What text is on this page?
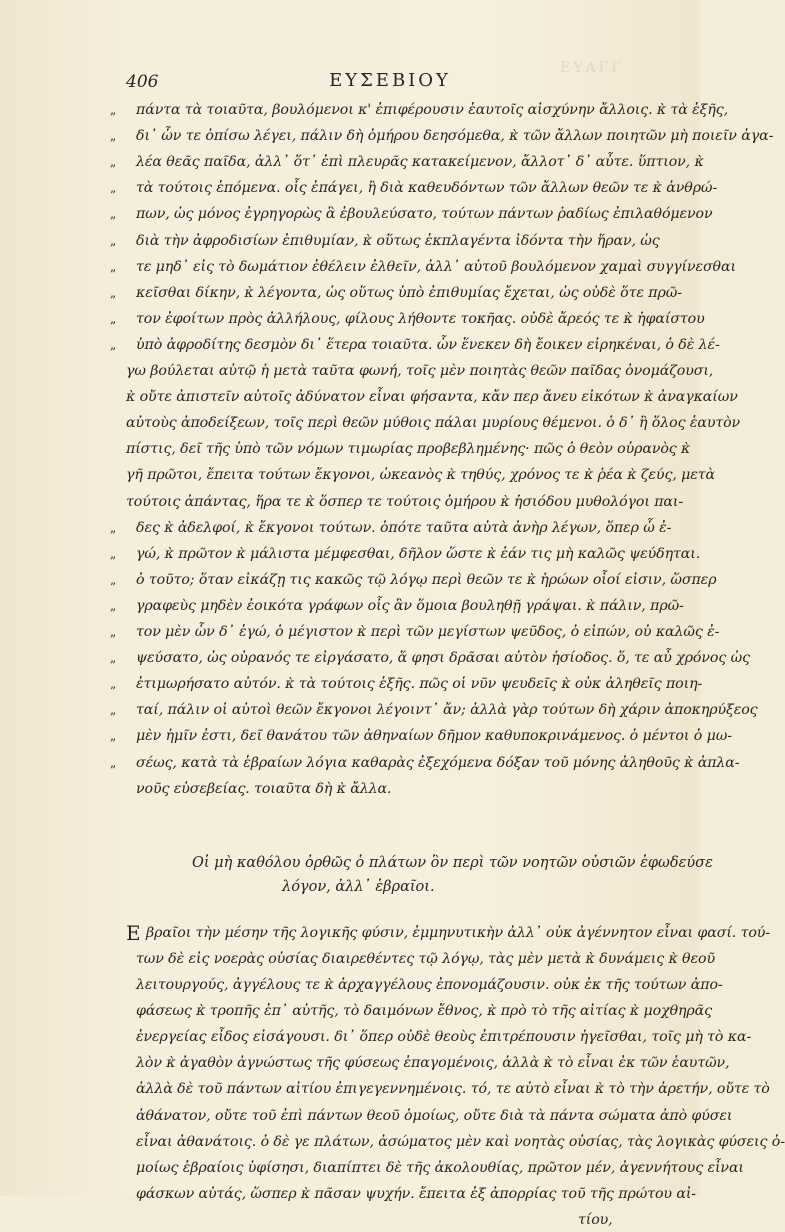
ΕΥΑΓΓ
406	ΕΥΣΕΒΙΟΥ
„ πάντα τὰ τοιαῦτα, βουλόμενοι κ' ἐπιφέρουσιν ἑαυτοῖς αἰσχύνην ἄλλοις. κ̀ τὰ ἑξῆς,
„ δι᾽ ὧν τε ὀπίσω λέγει, πάλιν δὴ ὁμήρου δεησόμεθα, κ̀ τῶν ἄλλων ποιητῶν μὴ ποιεῖν ἀγα-
„ λέα θεᾶς παῖδα, ἀλλ᾽ ὅτ᾽ ἐπὶ πλευρᾶς κατακείμενον, ἄλλοτ᾽ δ᾽ αὖτε. ὕπτιον, κ̀
„ τὰ τούτοις ἑπόμενα. οἷς ἐπάγει, ἢ διὰ καθευδόντων τῶν ἄλλων θεῶν τε κ̀ ἀνθρώ-
„ πων, ὡς μόνος ἐγρηγορὼς ἃ ἐβουλεύσατο, τούτων πάντων ῥαδίως ἐπιλαθόμενον
„ διὰ τὴν ἀφροδισίων ἐπιθυμίαν, κ̀ οὕτως ἐκπλαγέντα ἰδόντα τὴν ἥραν, ὡς
„ τε μηδ᾽ εἰς τὸ δωμάτιον ἐθέλειν ἐλθεῖν, ἀλλ᾽ αὐτοῦ βουλόμενον χαμαὶ συγγίνεσθαι
„ κεῖσθαι δίκην, κ̀ λέγοντα, ὡς οὕτως ὑπὸ ἐπιθυμίας ἔχεται, ὡς οὐδὲ ὅτε πρῶ-
„ τον ἐφοίτων πρὸς ἀλλήλους, φίλους λήθοντε τοκῆας. οὐδὲ ἄρεός τε κ̀ ἡφαίστου
„ ὑπὸ ἀφροδίτης δεσμὸν δι᾽ ἕτερα τοιαῦτα. ὧν ἕνεκεν δὴ ἔοικεν εἰρηκέναι, ὁ δὲ λέ-
γω βούλεται αὐτῷ ἡ μετὰ ταῦτα φωνή, τοῖς μὲν ποιητὰς θεῶν παῖδας ὀνομάζουσι,
κ̀ οὔτε ἀπιστεῖν αὐτοῖς ἀδύνατον εἶναι φήσαντα, κἄν περ ἄνευ εἰκότων κ̀ ἀναγκαίων
αὐτοὺς ἀποδείξεων, τοῖς περὶ θεῶν μύθοις πάλαι μυρίους θέμενοι. ὁ δ᾽ ἢ ὅλος ἑαυτὸν
πίστις, δεῖ τῆς ὑπὸ τῶν νόμων τιμωρίας προβεβλημένης· πῶς ὁ θεὸν οὐρανὸς κ̀
γῆ πρῶτοι, ἔπειτα τούτων ἔκγονοι, ὠκεανὸς κ̀ τηθύς, χρόνος τε κ̀ ῥέα κ̀ ζεύς, μετὰ
τούτοις ἀπάντας, ἥρα τε κ̀ ὅσπερ τε τούτοις ὁμήρου κ̀ ἡσιόδου μυθολόγοι παι-
„ δες κ̀ ἀδελφοί, κ̀ ἔκγονοι τούτων. ὁπότε ταῦτα αὐτὰ ἀνὴρ λέγων, ὅπερ ὧ ἐ-
„ γώ, κ̀ πρῶτον κ̀ μάλιστα μέμφεσθαι, δῆλον ὥστε κ̀ ἐάν τις μὴ καλῶς ψεύδηται.
„ ὁ τοῦτο; ὅταν εἰκάζῃ τις κακῶς τῷ λόγῳ περὶ θεῶν τε κ̀ ἡρώων οἷοί εἰσιν, ὥσπερ
„ γραφεὺς μηδὲν ἐοικότα γράφων οἷς ἂν ὅμοια βουληθῇ γράψαι. κ̀ πάλιν, πρῶ-
„ τον μὲν ὧν δ᾽ ἐγώ, ὁ μέγιστον κ̀ περὶ τῶν μεγίστων ψεῦδος, ὁ εἰπών, οὐ καλῶς ἐ-
„ ψεύσατο, ὡς οὐρανός τε εἰργάσατο, ἅ φησι δρᾶσαι αὐτὸν ἡσίοδος. ὅ, τε αὖ χρόνος ὡς
„ ἐτιμωρήσατο αὐτόν. κ̀ τὰ τούτοις ἑξῆς. πῶς οἱ νῦν ψευδεῖς κ̀ οὐκ ἀληθεῖς ποιη-
„ ταί, πάλιν οἱ αὐτοὶ θεῶν ἔκγονοι λέγοιντ᾽ ἄν; ἀλλὰ γὰρ τούτων δὴ χάριν ἀποκηρύξεος
„ μὲν ἡμῖν ἐστι, δεῖ θανάτου τῶν ἀθηναίων δῆμον καθυποκρινάμενος. ὁ μέντοι ὁ μω-
„ σέως, κατὰ τὰ ἑβραίων λόγια καθαρὰς ἐξεχόμενα δόξαν τοῦ μόνης ἀληθοῦς κ̀ ἀπλα-
νοῦς εὐσεβείας. τοιαῦτα δὴ κ̀ ἄλλα.
Οἱ μὴ καθόλου ὀρθῶς ὁ πλάτων ὃν περὶ τῶν νοητῶν οὐσιῶν ἐφωδεύσε
λόγον, ἀλλ᾽ ἑβραῖοι.
Ε βραῖοι τὴν μέσην τῆς λογικῆς φύσιν, ἐμμηνυτικὴν ἀλλ᾽ οὐκ ἀγέννητον εἶναι φασί. τού-
των δὲ εἰς νοερὰς οὐσίας διαιρεθέντες τῷ λόγῳ, τὰς μὲν μετὰ κ̀ δυνάμεις κ̀ θεοῦ
λειτουργούς, ἀγγέλους τε κ̀ ἀρχαγγέλους ἐπονομάζουσιν. οὐκ ἐκ τῆς τούτων ἀπο-
φάσεως κ̀ τροπῆς ἐπ᾽ αὐτῆς, τὸ δαιμόνων ἔθνος, κ̀ πρὸ τὸ τῆς αἰτίας κ̀ μοχθηρᾶς
ἐνεργείας εἶδος εἰσάγουσι. δι᾽ ὅπερ οὐδὲ θεοὺς ἐπιτρέπουσιν ἡγεῖσθαι, τοῖς μὴ τὸ κα-
λὸν κ̀ ἀγαθὸν ἀγνώστως τῆς φύσεως ἐπαγομένοις, ἀλλὰ κ̀ τὸ εἶναι ἐκ τῶν ἑαυτῶν,
ἀλλὰ δὲ τοῦ πάντων αἰτίου ἐπιγεγεννημένοις. τό, τε αὐτὸ εἶναι κ̀ τὸ τὴν ἀρετήν, οὔτε τὸ
ἀθάνατον, οὔτε τοῦ ἐπὶ πάντων θεοῦ ὁμοίως, οὔτε διὰ τὰ πάντα σώματα ἀπὸ φύσει
εἶναι ἀθανάτοις. ὁ δὲ γε πλάτων, ἀσώματος μὲν καὶ νοητὰς οὐσίας, τὰς λογικὰς φύσεις ὁ-
μοίως ἑβραίοις ὑφίσησι, διαπίπτει δὲ τῆς ἀκολουθίας, πρῶτον μέν, ἀγεννήτους εἶναι
φάσκων αὐτάς, ὥσπερ κ̀ πᾶσαν ψυχήν. ἔπειτα ἐξ ἀπορρίας τοῦ τῆς πρώτου αἰ-
τίου,
